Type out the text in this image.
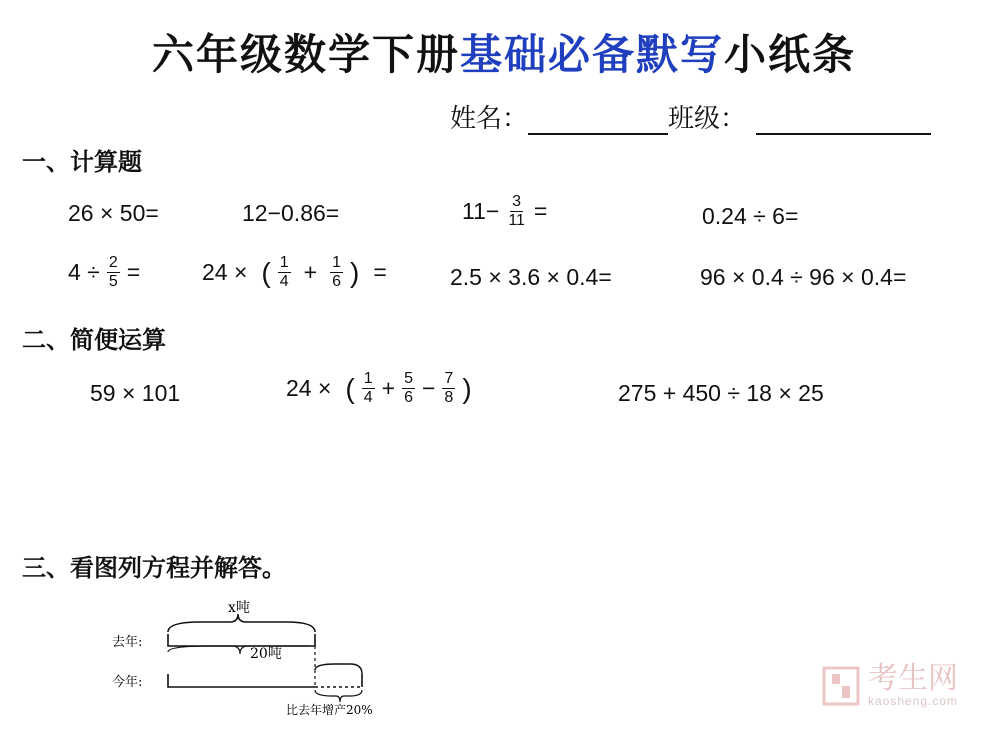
六年级数学下册基础必备默写小纸条
姓名：	班级：
一、计算题
26 × 50=	12−0.86=	$11- \frac{3}{11}$ =	0.24 ÷ 6=
$4 \div \frac{2}{5}$ =	24 × ( $\frac{1}{4} + \frac{1}{6}$ ) =	2.5 × 3.6 × 0.4=	96 × 0.4 ÷ 96 × 0.4=
二、简便运算
59 × 101	24 × ( $\frac{1}{4} + \frac{5}{6} - \frac{7}{8}$ )	275 + 450 ÷ 18 × 25
三、看图列方程并解答。
x吨
去年:
20吨
今年:
比去年增产20%
考生网
kaosheng.com
